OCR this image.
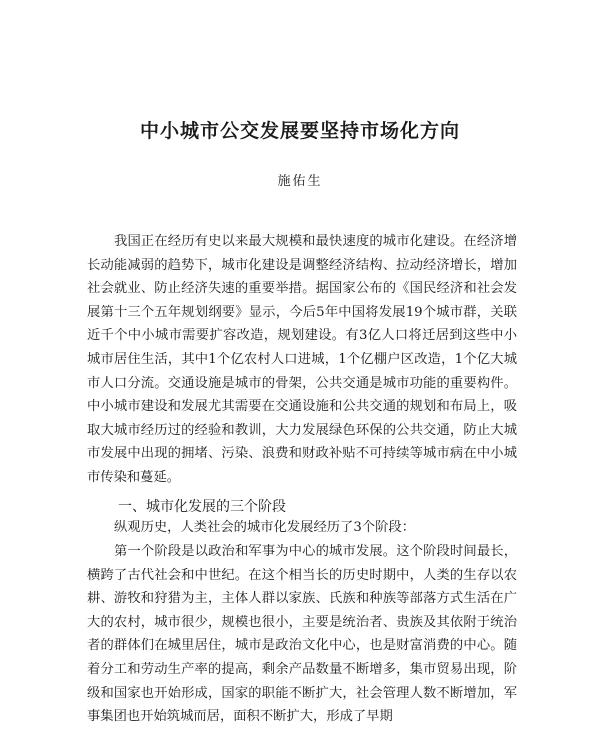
中小城市公交发展要坚持市场化方向
施佑生

我国正在经历有史以来最大规模和最快速度的城市化建设。在经济增长动能减弱的趋势下，城市化建设是调整经济结构、拉动经济增长，增加社会就业、防止经济失速的重要举措。据国家公布的《国民经济和社会发展第十三个五年规划纲要》显示，今后5年中国将发展19个城市群，关联近千个中小城市需要扩容改造，规划建设。有3亿人口将迁居到这些中小城市居住生活，其中1个亿农村人口进城，1个亿棚户区改造，1个亿大城市人口分流。交通设施是城市的骨架，公共交通是城市功能的重要构件。中小城市建设和发展尤其需要在交通设施和公共交通的规划和布局上，吸取大城市经历过的经验和教训，大力发展绿色环保的公共交通，防止大城市发展中出现的拥堵、污染、浪费和财政补贴不可持续等城市病在中小城市传染和蔓延。

一、城市化发展的三个阶段

纵观历史，人类社会的城市化发展经历了3个阶段：

第一个阶段是以政治和军事为中心的城市发展。这个阶段时间最长，横跨了古代社会和中世纪。在这个相当长的历史时期中，人类的生存以农耕、游牧和狩猎为主，主体人群以家族、氏族和种族等部落方式生活在广大的农村，城市很少，规模也很小，主要是统治者、贵族及其依附于统治者的群体们在城里居住，城市是政治文化中心，也是财富消费的中心。随着分工和劳动生产率的提高，剩余产品数量不断增多，集市贸易出现，阶级和国家也开始形成，国家的职能不断扩大，社会管理人数不断增加，军事集团也开始筑城而居，面积不断扩大，形成了早期
